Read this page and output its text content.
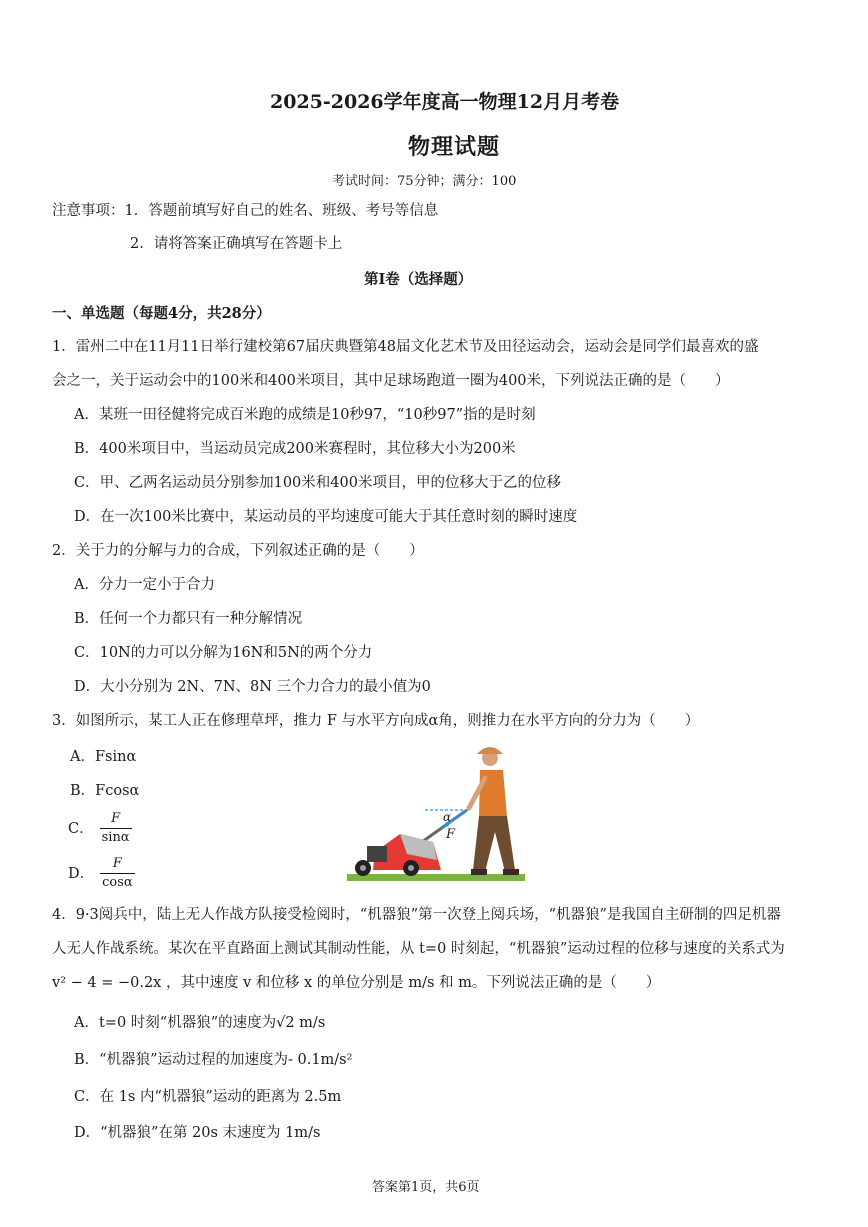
2025-2026学年度高一物理12月月考卷
物理试题
考试时间：75分钟；满分：100
注意事项：1．答题前填写好自己的姓名、班级、考号等信息
2．请将答案正确填写在答题卡上
第Ⅰ卷（选择题）
一、单选题（每题4分，共28分）
1．雷州二中在11月11日举行建校第67届庆典暨第48届文化艺术节及田径运动会，运动会是同学们最喜欢的盛
会之一，关于运动会中的100米和400米项目，其中足球场跑道一圈为400米，下列说法正确的是（　　）
A．某班一田径健将完成百米跑的成绩是10秒97，“10秒97”指的是时刻
B．400米项目中，当运动员完成200米赛程时，其位移大小为200米
C．甲、乙两名运动员分别参加100米和400米项目，甲的位移大于乙的位移
D．在一次100米比赛中，某运动员的平均速度可能大于其任意时刻的瞬时速度
2．关于力的分解与力的合成，下列叙述正确的是（　　）
A．分力一定小于合力
B．任何一个力都只有一种分解情况
C．10N的力可以分解为16N和5N的两个分力
D．大小分别为 2N、7N、8N 三个力合力的最小值为0
3．如图所示，某工人正在修理草坪，推力 F 与水平方向成α角，则推力在水平方向的分力为（　　）
A．Fsinα
B．Fcosα
C． $\frac{F}{\sin\alpha}$
D． $\frac{F}{\cos\alpha}$
α
F
4．9·3阅兵中，陆上无人作战方队接受检阅时，“机器狼”第一次登上阅兵场，“机器狼”是我国自主研制的四足机器
人无人作战系统。某次在平直路面上测试其制动性能，从 t=0 时刻起，“机器狼”运动过程的位移与速度的关系式为
v² − 4 = −0.2x ，其中速度 v 和位移 x 的单位分别是 m/s 和 m。下列说法正确的是（　　）
A．t=0 时刻“机器狼”的速度为√2 m/s
B．“机器狼”运动过程的加速度为- 0.1m/s²
C．在 1s 内“机器狼”运动的距离为 2.5m
D．“机器狼”在第 20s 末速度为 1m/s
答案第1页，共6页
